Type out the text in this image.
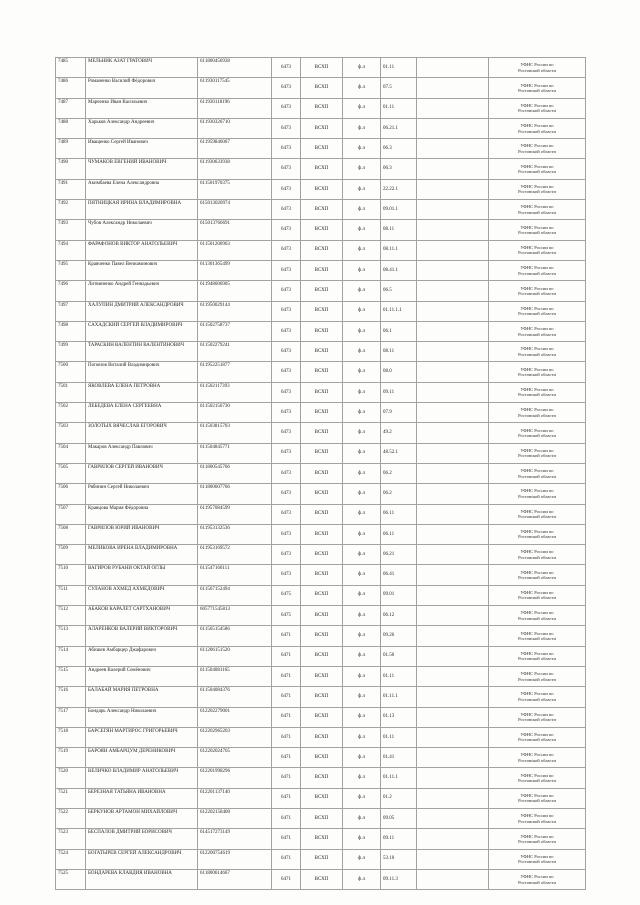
7485	МЕЛЬНИК АЗАТ ГРАТОВИЧ	611800456938	6473	ВСХП	ф.л	01.11		УФНС России по
Ростовской области

7486	Романенко Василий Фёдорович	611930117545	6473	ВСХП	ф.л	07.5		УФНС России по
Ростовской области

7487	Марченко Иван Васильевич	611930118196	6473	ВСХП	ф.л	01.11		УФНС России по
Ростовской области

7488	Харьков Александр Андреевич	611930326710	6473	ВСХП	ф.л	06.21.1		УФНС России по
Ростовской области

7489	Иващенко Сергей Иванович	611959846067	6473	ВСХП	ф.л	06.3		УФНС России по
Ростовской области

7490	ЧУМАКОВ ЕВГЕНИЙ ИВАНОВИЧ	611930633938	6473	ВСХП	ф.л	06.3		УФНС России по
Ростовской области

7491	Акимбаева Елена Александровна	611501970375	6473	ВСХП	ф.л	22.22.1		УФНС России по
Ростовской области

7492	ПЯТНИЦКАЯ ИРИНА ВЛАДИМИРОВНА	615013020974	6473	ВСХП	ф.л	09.01.1		УФНС России по
Ростовской области

7493	Чубов Александр Николаевич	615013766691	6473	ВСХП	ф.л	08.11		УФНС России по
Ростовской области

7494	ФАРАФОНОВ ВИКТОР АНАТОЛЬЕВИЧ	611501200963	6473	ВСХП	ф.л	08.11.1		УФНС России по
Ростовской области

7495	Кравченко Павел Вениаминович	611301365499	6473	ВСХП	ф.л	08.41.1		УФНС России по
Ростовской области

7496	Литвиненко Андрей Геннадьевич	611948606905	6473	ВСХП	ф.л	06.5		УФНС России по
Ростовской области

7497	ХАЛУПИН ДМИТРИЙ АЛЕКСАНДРОВИЧ	611950029144	6473	ВСХП	ф.л	01.11.1.1		УФНС России по
Ростовской области

7498	САХАДСКИЙ СЕРГЕЙ ВЛАДИМИРОВИЧ	611502758737	6473	ВСХП	ф.л	06.1		УФНС России по
Ростовской области

7499	ТАРАСКИН ВАЛЕНТИН ВАЛЕНТИНОВИЧ	611502279241	6473	ВСХП	ф.л	08.11		УФНС России по
Ростовской области

7500	Попонов Виталий Владимирович	611952251877	6473	ВСХП	ф.л	08.0		УФНС России по
Ростовской области

7501	ЯКОВЛЕВА ЕЛЕНА ПЕТРОВНА	611502117393	6473	ВСХП	ф.л	09.11		УФНС России по
Ростовской области

7502	ЛЕБЕДЕВА ЕЛЕНА СЕРГЕЕВНА	611502156730	6473	ВСХП	ф.л	07.9		УФНС России по
Ростовской области

7503	ЗОЛОТЫХ ВЯЧЕСЛАВ ЕГОРОВИЧ	611503815703	6473	ВСХП	ф.л	49.2		УФНС России по
Ростовской области

7504	Макаров Александр Павлович	611504845771	6473	ВСХП	ф.л	48.52.1		УФНС России по
Ростовской области

7505	ГАВРИЛОВ СЕРГЕЙ ИВАНОВИЧ	611800545766	6473	ВСХП	ф.л	06.2		УФНС России по
Ростовской области

7506	Рябинин Сергей Николаевич	611800607766	6473	ВСХП	ф.л	06.2		УФНС России по
Ростовской области

7507	Кравцова Мария Фёдоровна	611957084599	6473	ВСХП	ф.л	06.11		УФНС России по
Ростовской области

7508	ГАВРИЛОВ ЮРИЙ ИВАНОВИЧ	611953132536	6473	ВСХП	ф.л	06.11		УФНС России по
Ростовской области

7509	МЕЛИКОВА ИРЕНА ВЛАДИМИРОВНА	611953169572	6473	ВСХП	ф.л	06.21		УФНС России по
Ростовской области

7510	ВАГИРОВ РУБАНИ ОКТАЙ ОГЛЫ	611547160111	6473	ВСХП	ф.л	06.41		УФНС России по
Ростовской области

7511	СУЛАНОВ АХМЕД АХМЕДОВИЧ	611567152494	6475	ВСХП	ф.л	09.01		УФНС России по
Ростовской области

7512	АБАКОВ КАРАЛЕТ САРТХАНОВИЧ	605771545813	6475	ВСХП	ф.л	06.12		УФНС России по
Ростовской области

7513	АЛАРЕНКОВ ВАЛЕРИЙ ВИКТОРОВИЧ	611565154586	6471	ВСХП	ф.л	09.26		УФНС России по
Ростовской области

7514	Абишев Амбарцер Джафарович	611206151520	6471	ВСХП	ф.л	01.50		УФНС России по
Ростовской области

7515	Андреев Валерий Семёнович	611504081165	6471	ВСХП	ф.л	01.11		УФНС России по
Ростовской области

7516	БАЛАБАЙ МАРИЯ ПЕТРОВНА	611504084376	6471	ВСХП	ф.л	01.11.1		УФНС России по
Ростовской области

7517	Бондарь Александр Николаевич	612202279001	6471	ВСХП	ф.л	01.13		УФНС России по
Ростовской области

7518	БАРСЕГЯН МАРТИРОС ГРИГОРЬЕВИЧ	612202965203	6471	ВСХП	ф.л	01.11		УФНС России по
Ростовской области

7519	БАРОЯН АМБАРЦУМ ДЕРЕНИКОВИЧ	612202024765	6471	ВСХП	ф.л	01.41		УФНС России по
Ростовской области

7520	ВЕЛИЧКО ВЛАДИМИР АНАТОЛЬЕВИЧ	612201998296	6471	ВСХП	ф.л	01.11.1		УФНС России по
Ростовской области

7521	БЕРЕЗНАЯ ТАТЬЯНА ИВАНОВНА	612201137140	6471	ВСХП	ф.л	01.2		УФНС России по
Ростовской области

7522	БЕРКУНОВ АРТАМОН МИХАЙЛОВИЧ	612202158400	6471	ВСХП	ф.л	09.05		УФНС России по
Ростовской области

7523	БЕСПАЛОВ ДМИТРИЙ БОРИСОВИЧ	614517273149	6471	ВСХП	ф.л	09.11		УФНС России по
Ростовской области

7524	БОГАТЫРЕВ СЕРГЕЙ АЛЕКСАНДРОВИЧ	612200754619	6471	ВСХП	ф.л	53.10		УФНС России по
Ростовской области

7525	БОНДАРЕВА КЛАВДИЯ ИВАНОВНА	611800614667	6471	ВСХП	ф.л	09.11.3		УФНС России по
Ростовской области
